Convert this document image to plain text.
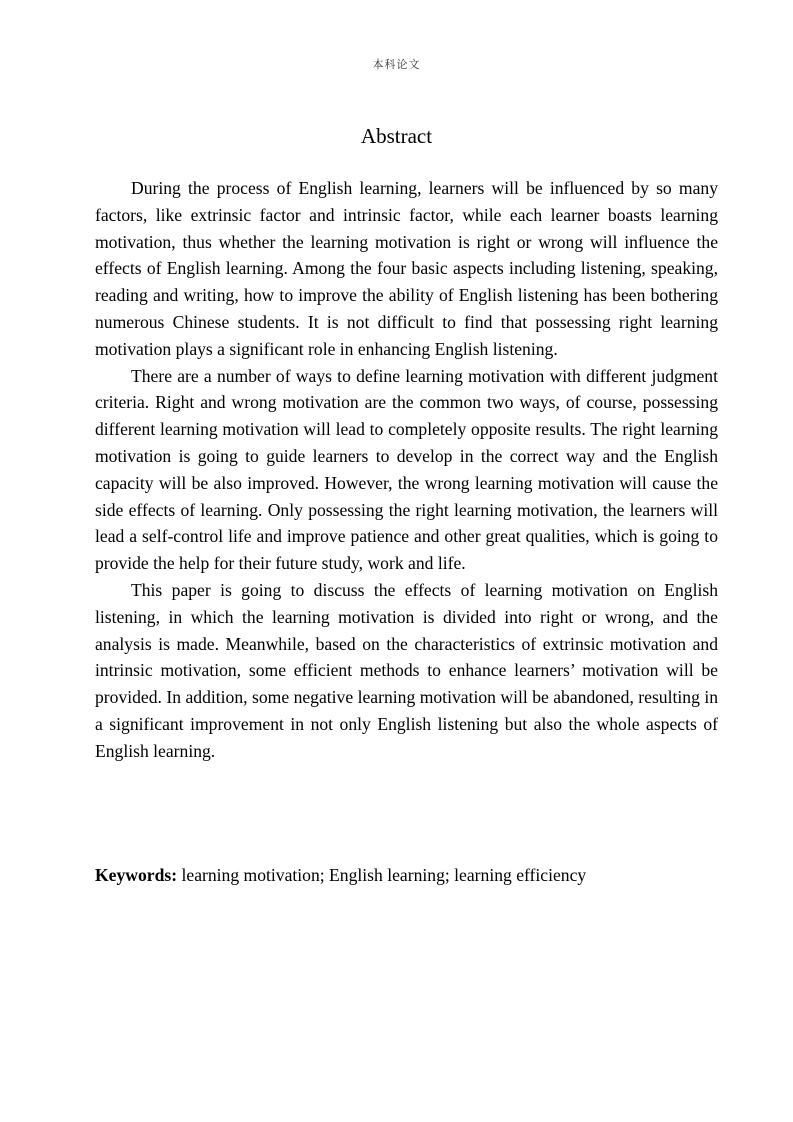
本科论文
Abstract

During the process of English learning, learners will be influenced by so many factors, like extrinsic factor and intrinsic factor, while each learner boasts learning motivation, thus whether the learning motivation is right or wrong will influence the effects of English learning. Among the four basic aspects including listening, speaking, reading and writing, how to improve the ability of English listening has been bothering numerous Chinese students. It is not difficult to find that possessing right learning motivation plays a significant role in enhancing English listening.

There are a number of ways to define learning motivation with different judgment criteria. Right and wrong motivation are the common two ways, of course, possessing different learning motivation will lead to completely opposite results. The right learning motivation is going to guide learners to develop in the correct way and the English capacity will be also improved. However, the wrong learning motivation will cause the side effects of learning. Only possessing the right learning motivation, the learners will lead a self-control life and improve patience and other great qualities, which is going to provide the help for their future study, work and life.

This paper is going to discuss the effects of learning motivation on English listening, in which the learning motivation is divided into right or wrong, and the analysis is made. Meanwhile, based on the characteristics of extrinsic motivation and intrinsic motivation, some efficient methods to enhance learners’ motivation will be provided. In addition, some negative learning motivation will be abandoned, resulting in a significant improvement in not only English listening but also the whole aspects of English learning.

Keywords: learning motivation; English learning; learning efficiency
